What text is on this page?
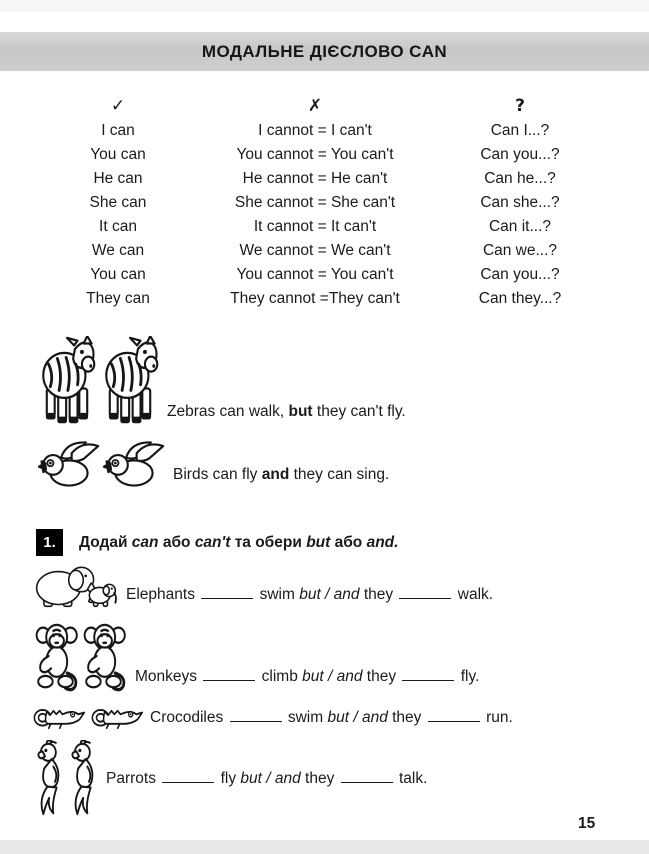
МОДАЛЬНЕ ДІЄСЛОВО CAN
✓	✗	?
I can	I cannot = I can't	Can I...?
You can	You cannot = You can't	Can you...?
He can	He cannot = He can't	Can he...?
She can	She cannot = She can't	Can she...?
It can	It cannot = It can't	Can it...?
We can	We cannot = We can't	Can we...?
You can	You cannot = You can't	Can you...?
They can	They cannot =They can't	Can they...?
Zebras can walk, but they can't fly.
Birds can fly and they can sing.
1.	Додай can або can't та обери but або and.
Elephants	swim but / and they	walk.
Monkeys	climb but / and they	fly.
Crocodiles	swim but / and they	run.
Parrots	fly but / and they	talk.
15
